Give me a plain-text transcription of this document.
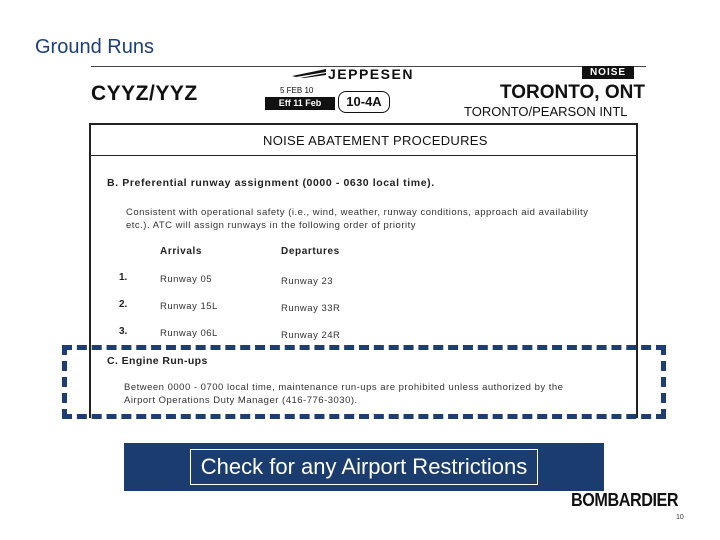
Ground Runs
CYYZ/YYZ
JEPPESEN
5 FEB 10
Eff 11 Feb	10-4A
NOISE
TORONTO, ONT
TORONTO/PEARSON INTL
NOISE ABATEMENT PROCEDURES
B. Preferential runway assignment (0000 - 0630 local time).
Consistent with operational safety (i.e., wind, weather, runway conditions, approach aid availability etc.). ATC will assign runways in the following order of priority
Arrivals	Departures
1.	Runway 05	Runway 23
2.	Runway 15L	Runway 33R
3.	Runway 06L	Runway 24R
C. Engine Run-ups
Between 0000 - 0700 local time, maintenance run-ups are prohibited unless authorized by the Airport Operations Duty Manager (416-776-3030).
Check for any Airport Restrictions
BOMBARDIER
10
